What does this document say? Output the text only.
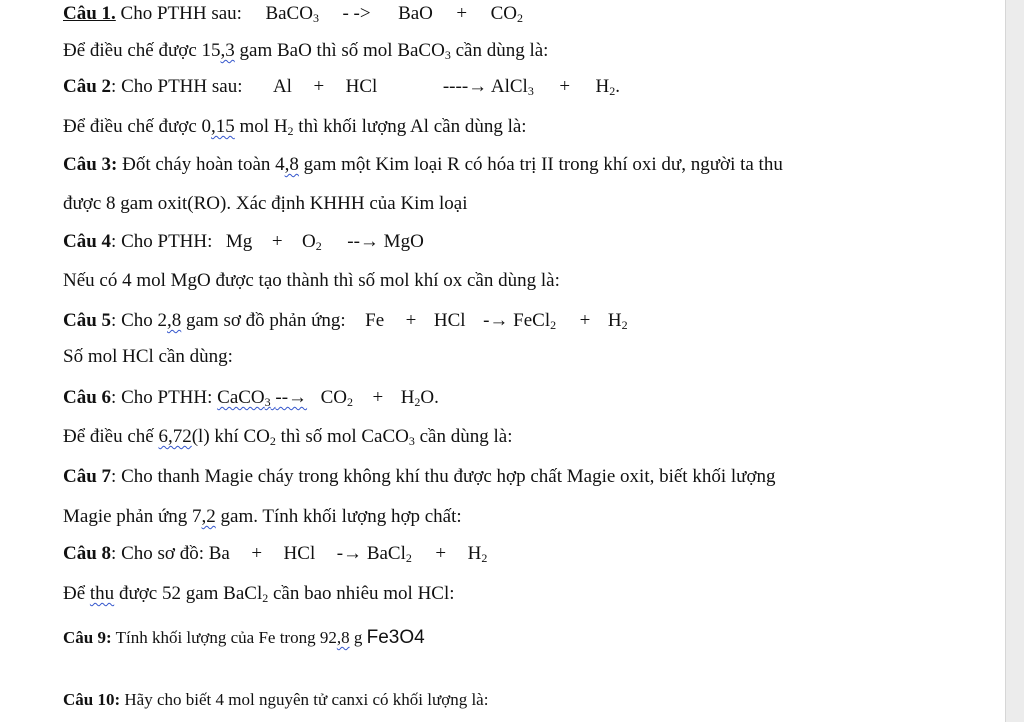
Câu 1. Cho PTHH sau: BaCO$_3$ - -> BaO + $CO_2$
Để điều chế được 15,3 gam BaO thì số mol BaCO$_3$ cần dùng là:
Câu 2: Cho PTHH sau: Al + HCl	----→ AlCl$_3$ + $H_2$.
Để điều chế được 0,15 mol $H_2$ thì khối lượng Al cần dùng là:
Câu 3: Đốt cháy hoàn toàn 4,8 gam một Kim loại R có hóa trị II trong khí oxi dư, người ta thu
được 8 gam oxit(RO). Xác định KHHH của Kim loại
Câu 4: Cho PTHH: $Mg + O_2$ --→ MgO
Nếu có 4 mol MgO được tạo thành thì số mol khí ox cần dùng là:
Câu 5: Cho 2,8 gam sơ đồ phản ứng: Fe + HCl -→ FeCl$_2$ + $H_2$
Số mol HCl cần dùng:
Câu 6: Cho PTHH: CaCO$_3$ --→ $CO_2 + H_2O$.
Để điều chế 6,72(l) khí $CO_2$ thì số mol CaCO$_3$ cần dùng là:
Câu 7: Cho thanh Magie cháy trong không khí thu được hợp chất Magie oxit, biết khối lượng
Magie phản ứng 7,2 gam. Tính khối lượng hợp chất:
Câu 8: Cho sơ đồ: Ba + HCl -→ BaCl$_2$ + $H_2$
Để thu được 52 gam BaCl$_2$ cần bao nhiêu mol HCl:
Câu 9: Tính khối lượng của Fe trong 92,8 g Fe3O4
Câu 10: Hãy cho biết 4 mol nguyên tử canxi có khối lượng là:
